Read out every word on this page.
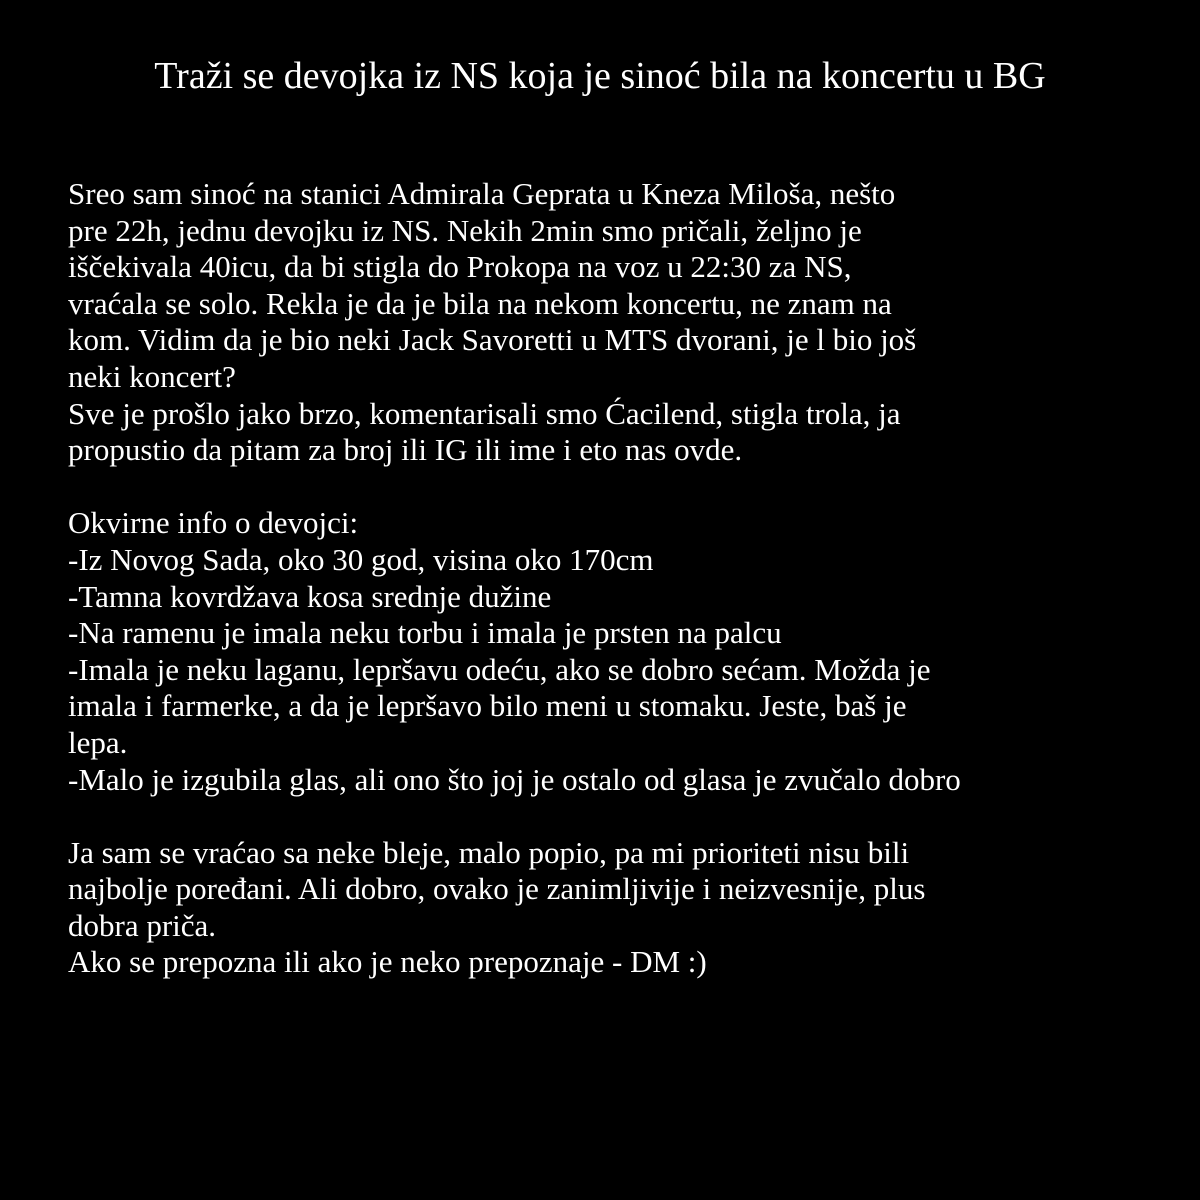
Traži se devojka iz NS koja je sinoć bila na koncertu u BG
Sreo sam sinoć na stanici Admirala Geprata u Kneza Miloša, nešto
pre 22h, jednu devojku iz NS. Nekih 2min smo pričali, željno je
iščekivala 40icu, da bi stigla do Prokopa na voz u 22:30 za NS,
vraćala se solo. Rekla je da je bila na nekom koncertu, ne znam na
kom. Vidim da je bio neki Jack Savoretti u MTS dvorani, je l bio još
neki koncert?
Sve je prošlo jako brzo, komentarisali smo Ćacilend, stigla trola, ja
propustio da pitam za broj ili IG ili ime i eto nas ovde.
Okvirne info o devojci:
-Iz Novog Sada, oko 30 god, visina oko 170cm
-Tamna kovrdžava kosa srednje dužine
-Na ramenu je imala neku torbu i imala je prsten na palcu
-Imala je neku laganu, lepršavu odeću, ako se dobro sećam. Možda je
imala i farmerke, a da je lepršavo bilo meni u stomaku. Jeste, baš je
lepa.
-Malo je izgubila glas, ali ono što joj je ostalo od glasa je zvučalo dobro
Ja sam se vraćao sa neke bleje, malo popio, pa mi prioriteti nisu bili
najbolje poređani. Ali dobro, ovako je zanimljivije i neizvesnije, plus
dobra priča.
Ako se prepozna ili ako je neko prepoznaje - DM :)
